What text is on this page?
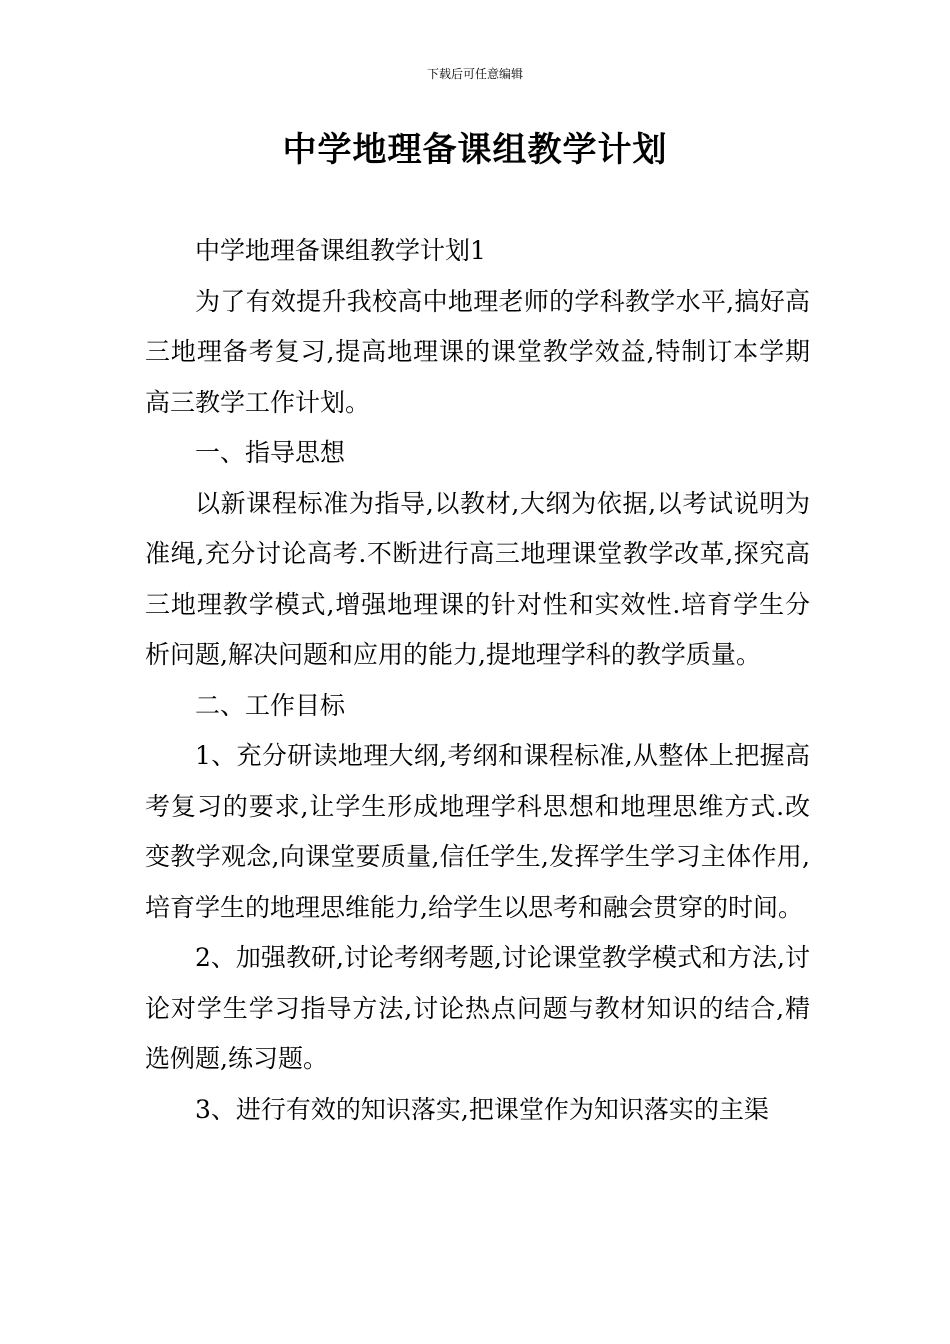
下载后可任意编辑
中学地理备课组教学计划

中学地理备课组教学计划1

为了有效提升我校高中地理老师的学科教学水平,搞好高三地理备考复习,提高地理课的课堂教学效益,特制订本学期高三教学工作计划。

一、指导思想

以新课程标准为指导,以教材,大纲为依据,以考试说明为准绳,充分讨论高考.不断进行高三地理课堂教学改革,探究高三地理教学模式,增强地理课的针对性和实效性.培育学生分析问题,解决问题和应用的能力,提地理学科的教学质量。

二、工作目标

1、充分研读地理大纲,考纲和课程标准,从整体上把握高考复习的要求,让学生形成地理学科思想和地理思维方式.改变教学观念,向课堂要质量,信任学生,发挥学生学习主体作用,培育学生的地理思维能力,给学生以思考和融会贯穿的时间。

2、加强教研,讨论考纲考题,讨论课堂教学模式和方法,讨论对学生学习指导方法,讨论热点问题与教材知识的结合,精选例题,练习题。

3、进行有效的知识落实,把课堂作为知识落实的主渠
